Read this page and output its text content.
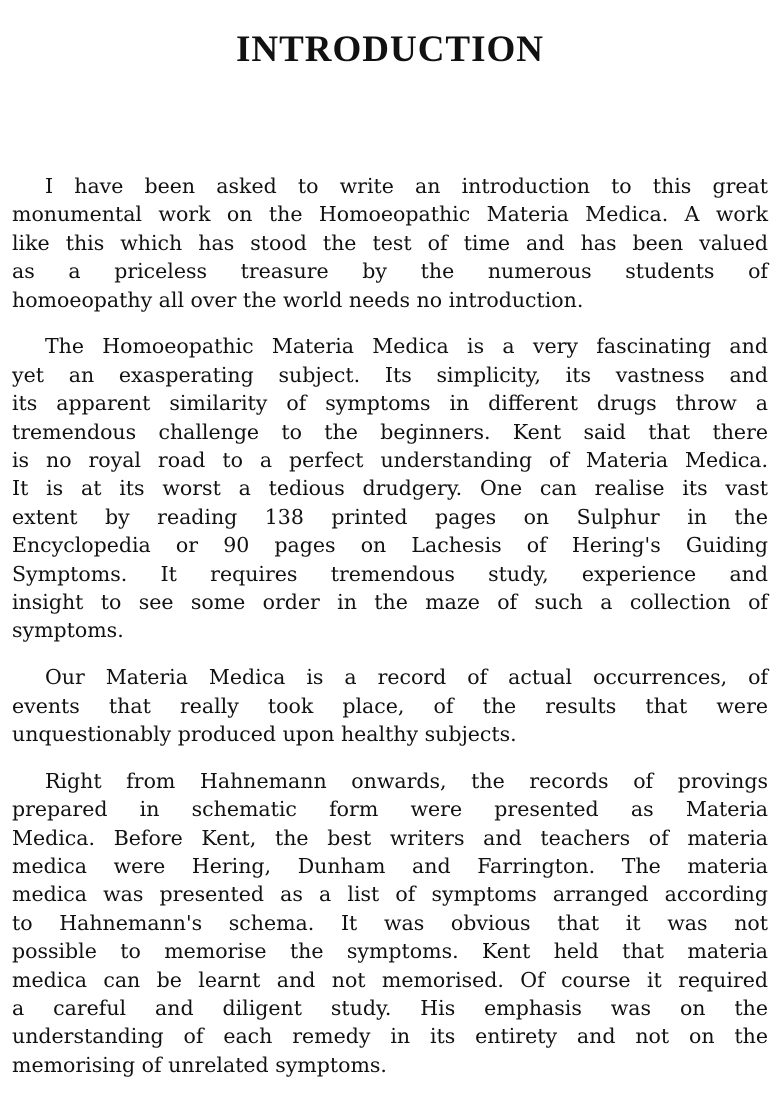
INTRODUCTION

I have been asked to write an introduction to this great
monumental work on the Homoeopathic Materia Medica. A work
like this which has stood the test of time and has been valued
as a priceless treasure by the numerous students of
homoeopathy all over the world needs no introduction.

The Homoeopathic Materia Medica is a very fascinating and
yet an exasperating subject. Its simplicity, its vastness and
its apparent similarity of symptoms in different drugs throw a
tremendous challenge to the beginners. Kent said that there
is no royal road to a perfect understanding of Materia Medica.
It is at its worst a tedious drudgery. One can realise its vast
extent by reading 138 printed pages on Sulphur in the
Encyclopedia or 90 pages on Lachesis of Hering's Guiding
Symptoms. It requires tremendous study, experience and
insight to see some order in the maze of such a collection of
symptoms.

Our Materia Medica is a record of actual occurrences, of
events that really took place, of the results that were
unquestionably produced upon healthy subjects.

Right from Hahnemann onwards, the records of provings
prepared in schematic form were presented as Materia
Medica. Before Kent, the best writers and teachers of materia
medica were Hering, Dunham and Farrington. The materia
medica was presented as a list of symptoms arranged according
to Hahnemann's schema. It was obvious that it was not
possible to memorise the symptoms. Kent held that materia
medica can be learnt and not memorised. Of course it required
a careful and diligent study. His emphasis was on the
understanding of each remedy in its entirety and not on the
memorising of unrelated symptoms.
